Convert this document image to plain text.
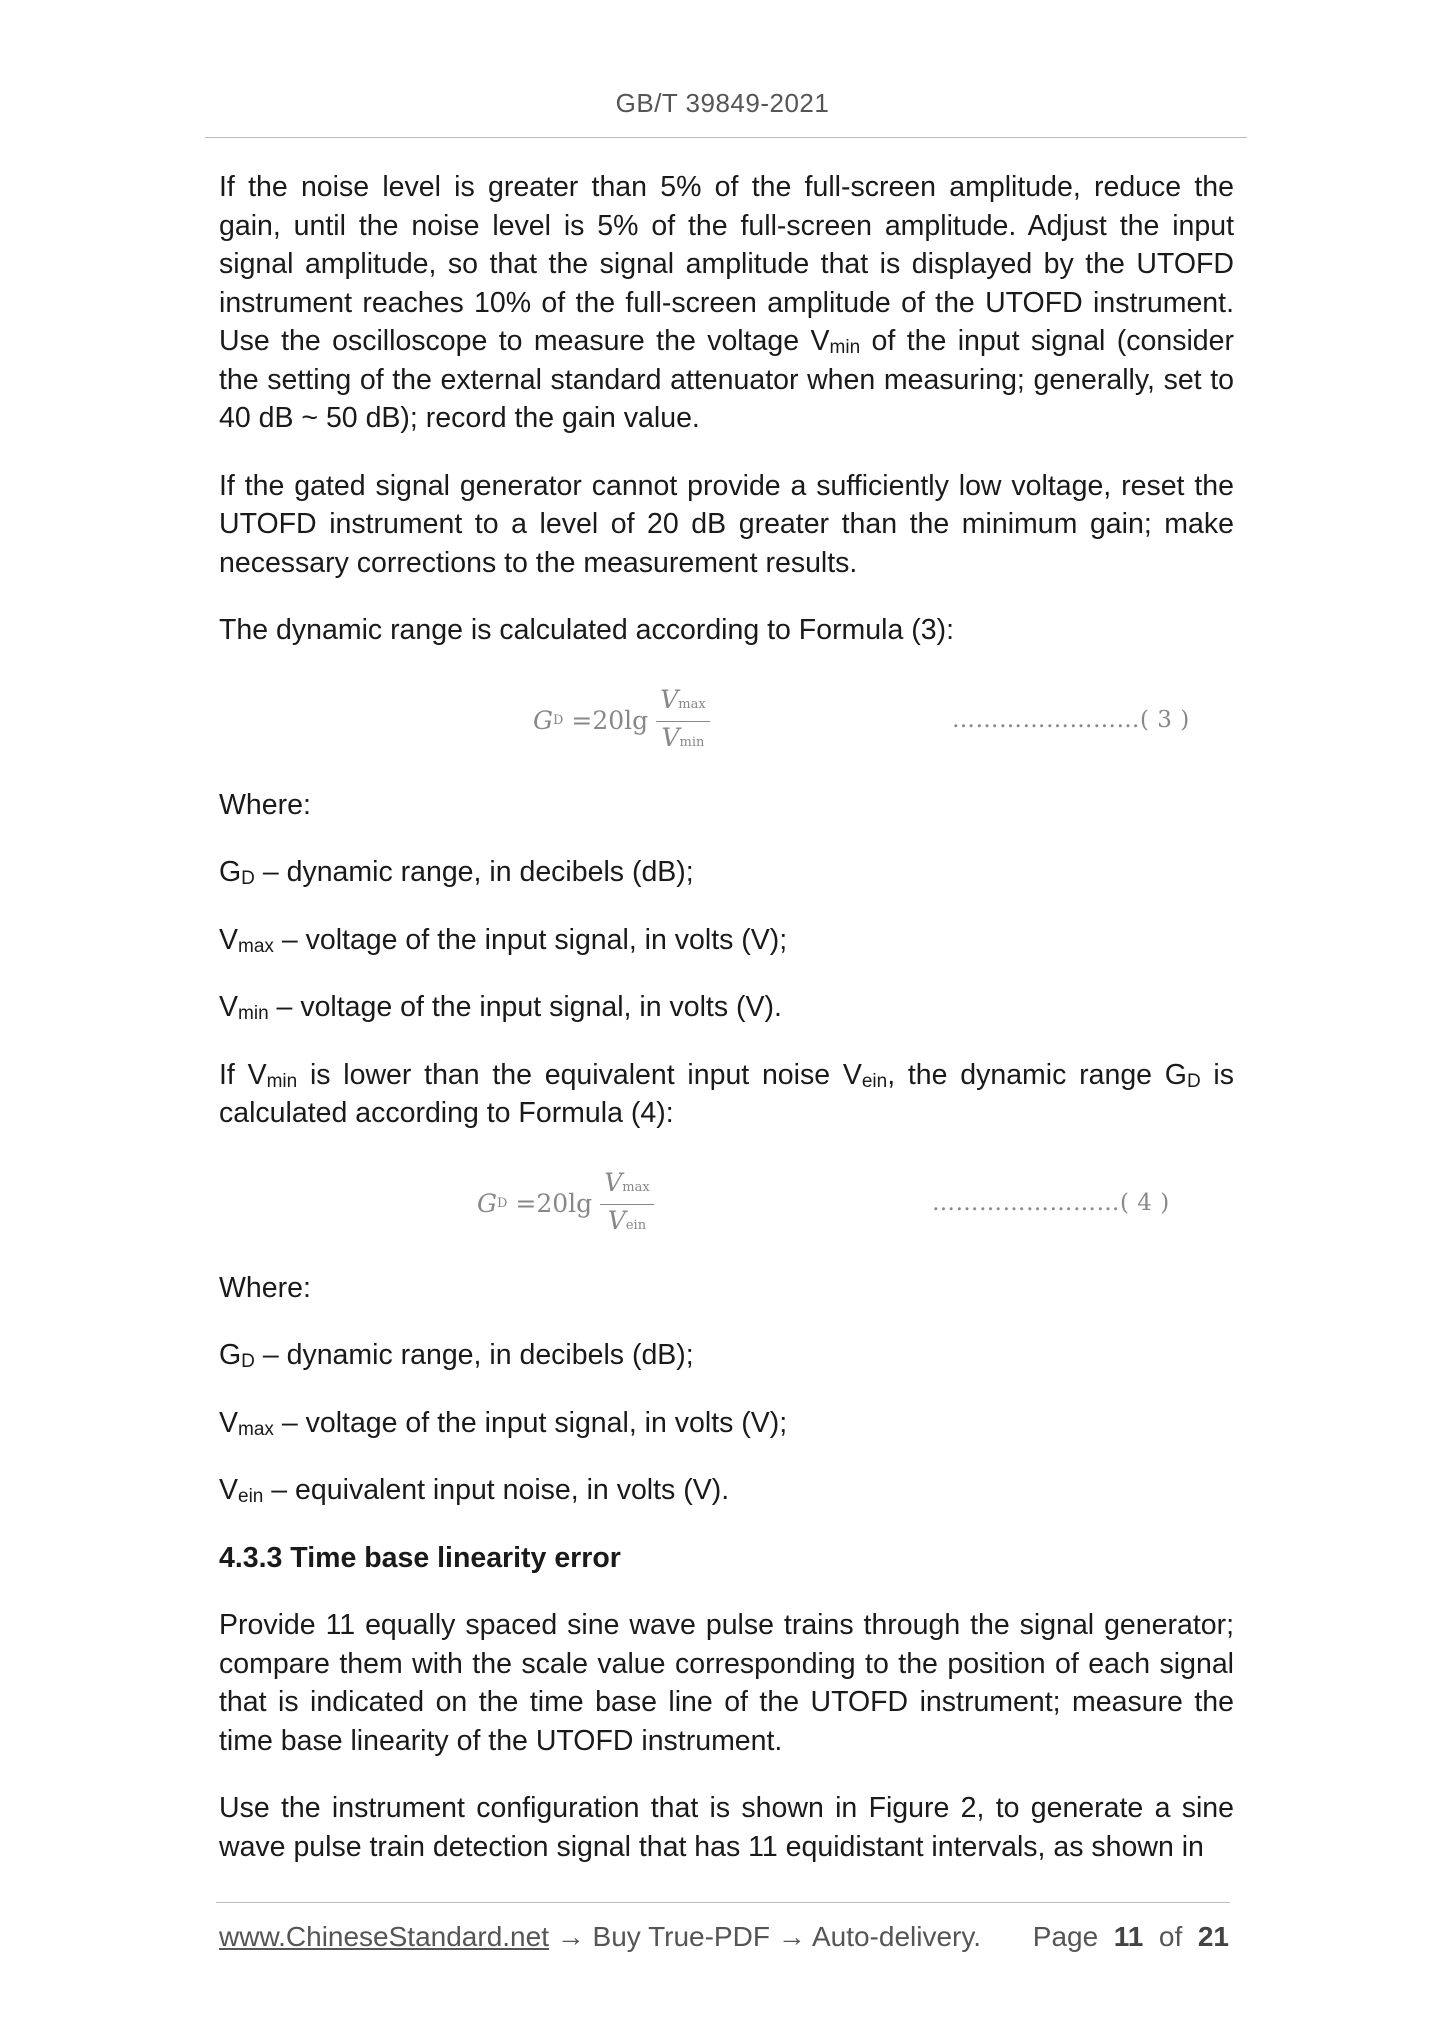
GB/T 39849-2021

If the noise level is greater than 5% of the full-screen amplitude, reduce the gain, until the noise level is 5% of the full-screen amplitude. Adjust the input signal amplitude, so that the signal amplitude that is displayed by the UTOFD instrument reaches 10% of the full-screen amplitude of the UTOFD instrument. Use the oscilloscope to measure the voltage $V_{min}$ of the input signal (consider the setting of the external standard attenuator when measuring; generally, set to 40 dB ~ 50 dB); record the gain value.

If the gated signal generator cannot provide a sufficiently low voltage, reset the UTOFD instrument to a level of 20 dB greater than the minimum gain; make necessary corrections to the measurement results.

The dynamic range is calculated according to Formula (3):

G $D =20\lg \frac{Vmax}{Vmin}$	……………………( 3 )

Where:

$G_D$ – dynamic range, in decibels (dB);

$V_{max}$ – voltage of the input signal, in volts (V);

$V_{min}$ – voltage of the input signal, in volts (V).

If $V_{min}$ is lower than the equivalent input noise $V_{ein}$, the dynamic range $G_D$ is calculated according to Formula (4):

G $D =20\lg \frac{Vmax}{\text{Vein}}$	……………………( 4 )

Where:

$G_D$ – dynamic range, in decibels (dB);

$V_{max}$ – voltage of the input signal, in volts (V);

$V_{ein}$ – equivalent input noise, in volts (V).

4.3.3 Time base linearity error

Provide 11 equally spaced sine wave pulse trains through the signal generator; compare them with the scale value corresponding to the position of each signal that is indicated on the time base line of the UTOFD instrument; measure the time base linearity of the UTOFD instrument.

Use the instrument configuration that is shown in Figure 2, to generate a sine wave pulse train detection signal that has 11 equidistant intervals, as shown in

www.ChineseStandard.net → Buy True-PDF → Auto-delivery. Page 11 of 21
